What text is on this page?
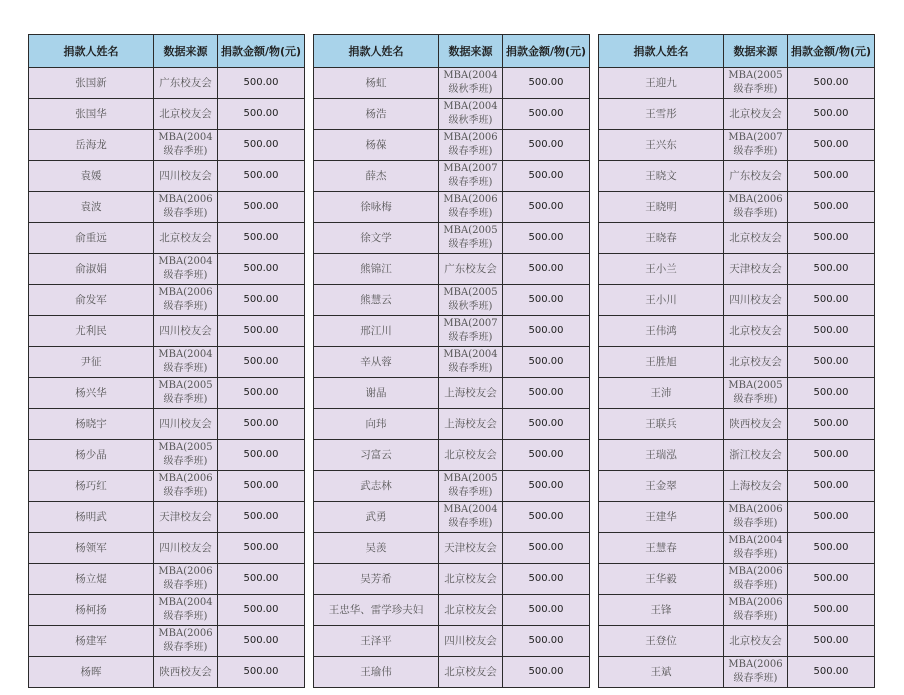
捐款人姓名	数据来源	捐款金额/物(元)
张国新	广东校友会	500.00
张国华	北京校友会	500.00
岳海龙	MBA(2004级春季班)	500.00
袁媛	四川校友会	500.00
袁波	MBA(2006级春季班)	500.00
俞重远	北京校友会	500.00
俞淑娟	MBA(2004级春季班)	500.00
俞发军	MBA(2006级春季班)	500.00
尤利民	四川校友会	500.00
尹征	MBA(2004级春季班)	500.00
杨兴华	MBA(2005级春季班)	500.00
杨晓宇	四川校友会	500.00
杨少晶	MBA(2005级春季班)	500.00
杨巧红	MBA(2006级春季班)	500.00
杨明武	天津校友会	500.00
杨领军	四川校友会	500.00
杨立焜	MBA(2006级春季班)	500.00
杨柯扬	MBA(2004级春季班)	500.00
杨建军	MBA(2006级春季班)	500.00
杨晖	陕西校友会	500.00
捐款人姓名	数据来源	捐款金额/物(元)
杨虹	MBA(2004级秋季班)	500.00
杨浩	MBA(2004级秋季班)	500.00
杨葆	MBA(2006级春季班)	500.00
薛杰	MBA(2007级春季班)	500.00
徐咏梅	MBA(2006级春季班)	500.00
徐文学	MBA(2005级春季班)	500.00
熊锦江	广东校友会	500.00
熊慧云	MBA(2005级秋季班)	500.00
邢江川	MBA(2007级春季班)	500.00
辛从蓉	MBA(2004级春季班)	500.00
谢晶	上海校友会	500.00
向玮	上海校友会	500.00
习富云	北京校友会	500.00
武志林	MBA(2005级春季班)	500.00
武勇	MBA(2004级春季班)	500.00
吴羡	天津校友会	500.00
吴芳希	北京校友会	500.00
王忠华、雷学珍夫妇	北京校友会	500.00
王泽平	四川校友会	500.00
王瑜伟	北京校友会	500.00
捐款人姓名	数据来源	捐款金额/物(元)
王迎九	MBA(2005级春季班)	500.00
王雪彤	北京校友会	500.00
王兴东	MBA(2007级春季班)	500.00
王晓文	广东校友会	500.00
王晓明	MBA(2006级春季班)	500.00
王晓春	北京校友会	500.00
王小兰	天津校友会	500.00
王小川	四川校友会	500.00
王伟鸿	北京校友会	500.00
王胜旭	北京校友会	500.00
王沛	MBA(2005级春季班)	500.00
王联兵	陕西校友会	500.00
王瑞泓	浙江校友会	500.00
王金翠	上海校友会	500.00
王建华	MBA(2006级春季班)	500.00
王慧春	MBA(2004级春季班)	500.00
王华毅	MBA(2006级春季班)	500.00
王锋	MBA(2006级春季班)	500.00
王登位	北京校友会	500.00
王斌	MBA(2006级春季班)	500.00
